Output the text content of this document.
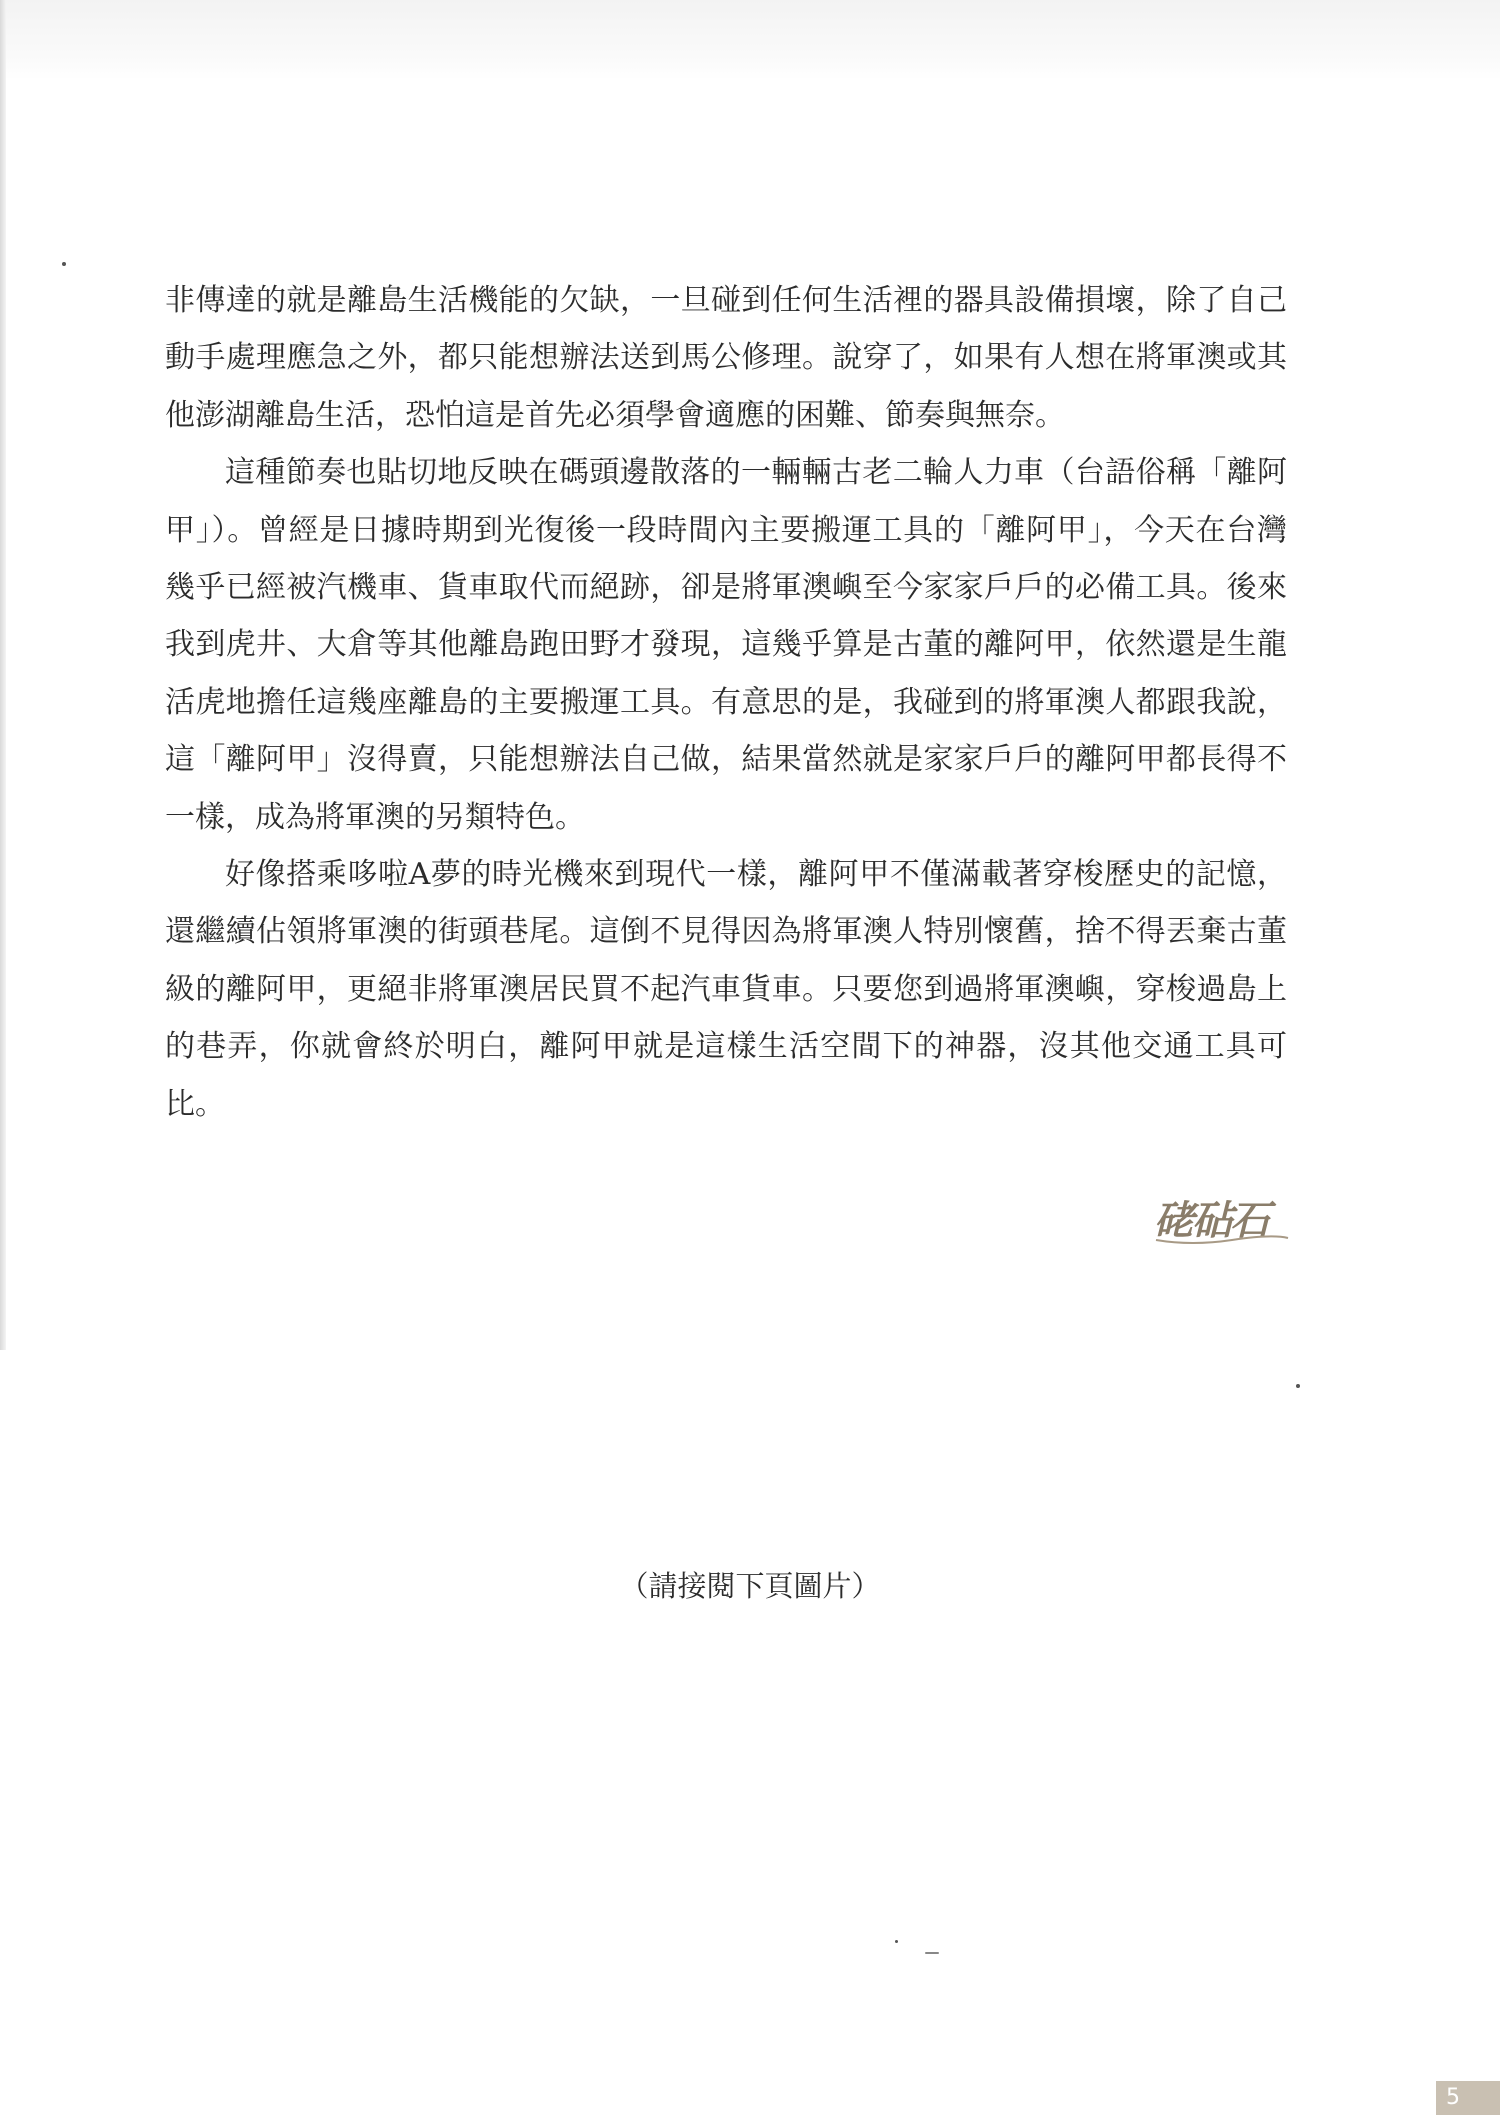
非傳達的就是離島生活機能的欠缺，一旦碰到任何生活裡的器具設備損壞，除了自己動手處理應急之外，都只能想辦法送到馬公修理。說穿了，如果有人想在將軍澳或其他澎湖離島生活，恐怕這是首先必須學會適應的困難、節奏與無奈。

這種節奏也貼切地反映在碼頭邊散落的一輛輛古老二輪人力車（台語俗稱「離阿甲」）。曾經是日據時期到光復後一段時間內主要搬運工具的「離阿甲」，今天在台灣幾乎已經被汽機車、貨車取代而絕跡，卻是將軍澳嶼至今家家戶戶的必備工具。後來我到虎井、大倉等其他離島跑田野才發現，這幾乎算是古董的離阿甲，依然還是生龍活虎地擔任這幾座離島的主要搬運工具。有意思的是，我碰到的將軍澳人都跟我說，這「離阿甲」沒得賣，只能想辦法自己做，結果當然就是家家戶戶的離阿甲都長得不一樣，成為將軍澳的另類特色。

好像搭乘哆啦A夢的時光機來到現代一樣，離阿甲不僅滿載著穿梭歷史的記憶，還繼續佔領將軍澳的街頭巷尾。這倒不見得因為將軍澳人特別懷舊，捨不得丟棄古董級的離阿甲，更絕非將軍澳居民買不起汽車貨車。只要您到過將軍澳嶼，穿梭過島上的巷弄，你就會終於明白，離阿甲就是這樣生活空間下的神器，沒其他交通工具可比。

硓砧石
（請接閱下頁圖片）
5
